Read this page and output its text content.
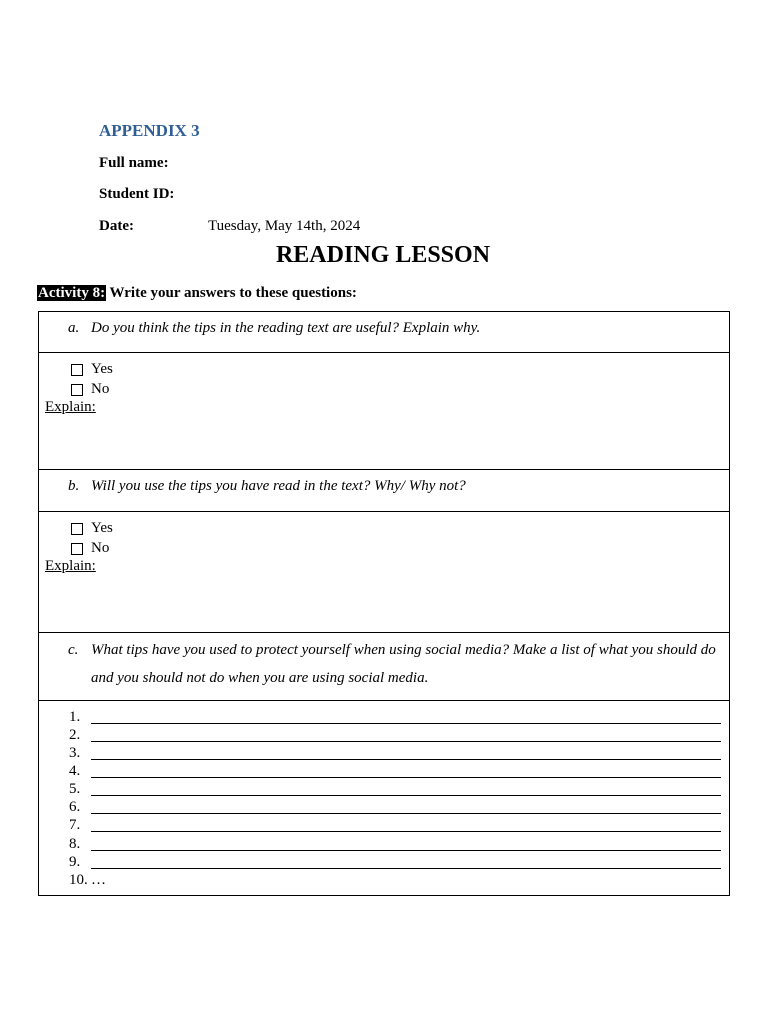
APPENDIX 3
Full name:
Student ID:
Date:	Tuesday, May 14th, 2024
READING LESSON
Activity 8: Write your answers to these questions:
a. Do you think the tips in the reading text are useful? Explain why.
Yes
No
Explain:
b. Will you use the tips you have read in the text? Why/ Why not?
Yes
No
Explain:
c. What tips have you used to protect yourself when using social media? Make a list of what you should do and you should not do when you are using social media.
1.
2.
3.
4.
5.
6.
7.
8.
9.
10. …
